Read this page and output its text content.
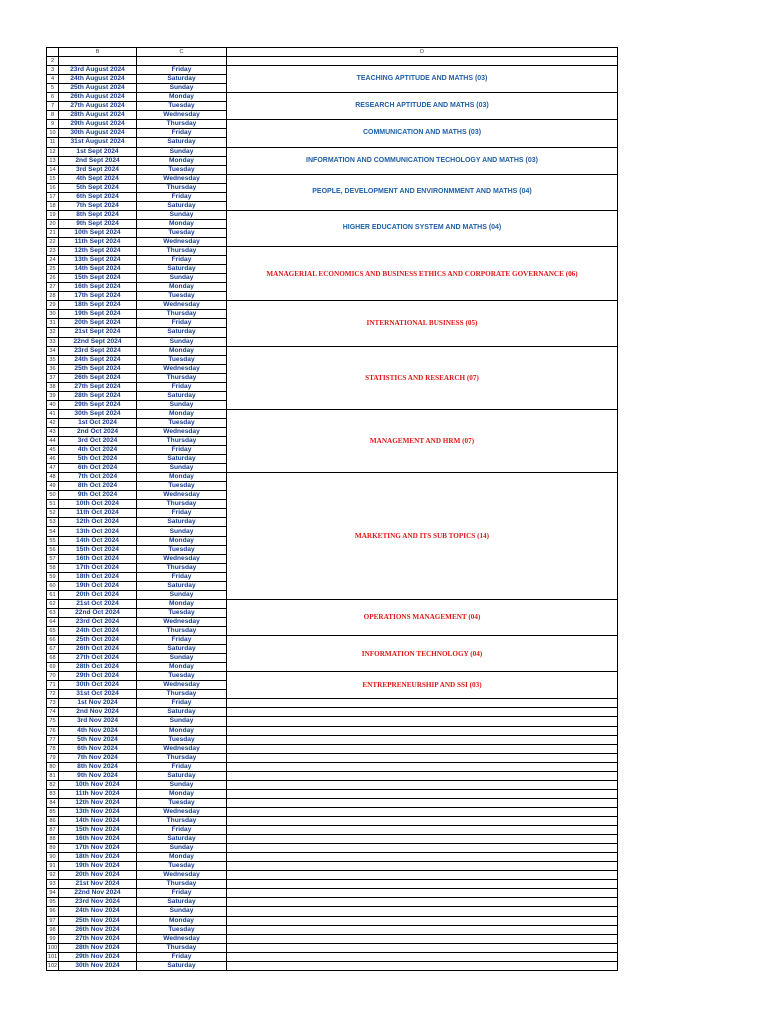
	B	C	D
2			
3	23rd August 2024	Friday	TEACHING APTITUDE AND MATHS (03)
4	24th August 2024	Saturday	
5	25th August 2024	Sunday	
6	26th August 2024	Monday	RESEARCH APTITUDE AND MATHS (03)
7	27th August 2024	Tuesday	
8	28th August 2024	Wednesday	
9	29th August 2024	Thursday	COMMUNICATION AND MATHS (03)
10	30th August 2024	Friday	
11	31st August 2024	Saturday	
12	1st Sept 2024	Sunday	INFORMATION AND COMMUNICATION TECHOLOGY AND MATHS (03)
13	2nd Sept 2024	Monday	
14	3rd Sept 2024	Tuesday	
15	4th Sept 2024	Wednesday	PEOPLE, DEVELOPMENT AND ENVIRONMMENT AND MATHS (04)
16	5th Sept 2024	Thursday	
17	6th Sept 2024	Friday	
18	7th Sept 2024	Saturday	
19	8th Sept 2024	Sunday	HIGHER EDUCATION SYSTEM AND MATHS (04)
20	9th Sept 2024	Monday	
21	10th Sept 2024	Tuesday	
22	11th Sept 2024	Wednesday	
23	12th Sept 2024	Thursday	MANAGERIAL ECONOMICS AND BUSINESS ETHICS AND CORPORATE GOVERNANCE (06)
24	13th Sept 2024	Friday	
25	14th Sept 2024	Saturday	
26	15th Sept 2024	Sunday	
27	16th Sept 2024	Monday	
28	17th Sept 2024	Tuesday	
29	18th Sept 2024	Wednesday	INTERNATIONAL BUSINESS (05)
30	19th Sept 2024	Thursday	
31	20th Sept 2024	Friday	
32	21st Sept 2024	Saturday	
33	22nd Sept 2024	Sunday	
34	23rd Sept 2024	Monday	STATISTICS AND RESEARCH (07)
35	24th Sept 2024	Tuesday	
36	25th Sept 2024	Wednesday	
37	26th Sept 2024	Thursday	
38	27th Sept 2024	Friday	
39	28th Sept 2024	Saturday	
40	29th Sept 2024	Sunday	
41	30th Sept 2024	Monday	MANAGEMENT AND HRM (07)
42	1st Oct 2024	Tuesday	
43	2nd Oct 2024	Wednesday	
44	3rd Oct 2024	Thursday	
45	4th Oct 2024	Friday	
46	5th Oct 2024	Saturday	
47	6th Oct 2024	Sunday	
48	7th Oct 2024	Monday	MARKETING AND ITS SUB TOPICS (14)
49	8th Oct 2024	Tuesday	
50	9th Oct 2024	Wednesday	
51	10th Oct 2024	Thursday	
52	11th Oct 2024	Friday	
53	12th Oct 2024	Saturday	
54	13th Oct 2024	Sunday	
55	14th Oct 2024	Monday	
56	15th Oct 2024	Tuesday	
57	16th Oct 2024	Wednesday	
58	17th Oct 2024	Thursday	
59	18th Oct 2024	Friday	
60	19th Oct 2024	Saturday	
61	20th Oct 2024	Sunday	
62	21st Oct 2024	Monday	OPERATIONS MANAGEMENT (04)
63	22nd Oct 2024	Tuesday	
64	23rd Oct 2024	Wednesday	
65	24th Oct 2024	Thursday	
66	25th Oct 2024	Friday	INFORMATION TECHNOLOGY (04)
67	26th Oct 2024	Saturday	
68	27th Oct 2024	Sunday	
69	28th Oct 2024	Monday	
70	29th Oct 2024	Tuesday	ENTREPRENEURSHIP AND SSI (03)
71	30th Oct 2024	Wednesday	
72	31st Oct 2024	Thursday	
73	1st Nov 2024	Friday	
74	2nd Nov 2024	Saturday	
75	3rd Nov 2024	Sunday	
76	4th Nov 2024	Monday	
77	5th Nov 2024	Tuesday	
78	6th Nov 2024	Wednesday	
79	7th Nov 2024	Thursday	
80	8th Nov 2024	Friday	
81	9th Nov 2024	Saturday	
82	10th Nov 2024	Sunday	
83	11th Nov 2024	Monday	
84	12th Nov 2024	Tuesday	
85	13th Nov 2024	Wednesday	
86	14th Nov 2024	Thursday	
87	15th Nov 2024	Friday	
88	16th Nov 2024	Saturday	
89	17th Nov 2024	Sunday	
90	18th Nov 2024	Monday	
91	19th Nov 2024	Tuesday	
92	20th Nov 2024	Wednesday	
93	21st Nov 2024	Thursday	
94	22nd Nov 2024	Friday	
95	23rd Nov 2024	Saturday	
96	24th Nov 2024	Sunday	
97	25th Nov 2024	Monday	
98	26th Nov 2024	Tuesday	
99	27th Nov 2024	Wednesday	
100	28th Nov 2024	Thursday	
101	29th Nov 2024	Friday	
102	30th Nov 2024	Saturday	
